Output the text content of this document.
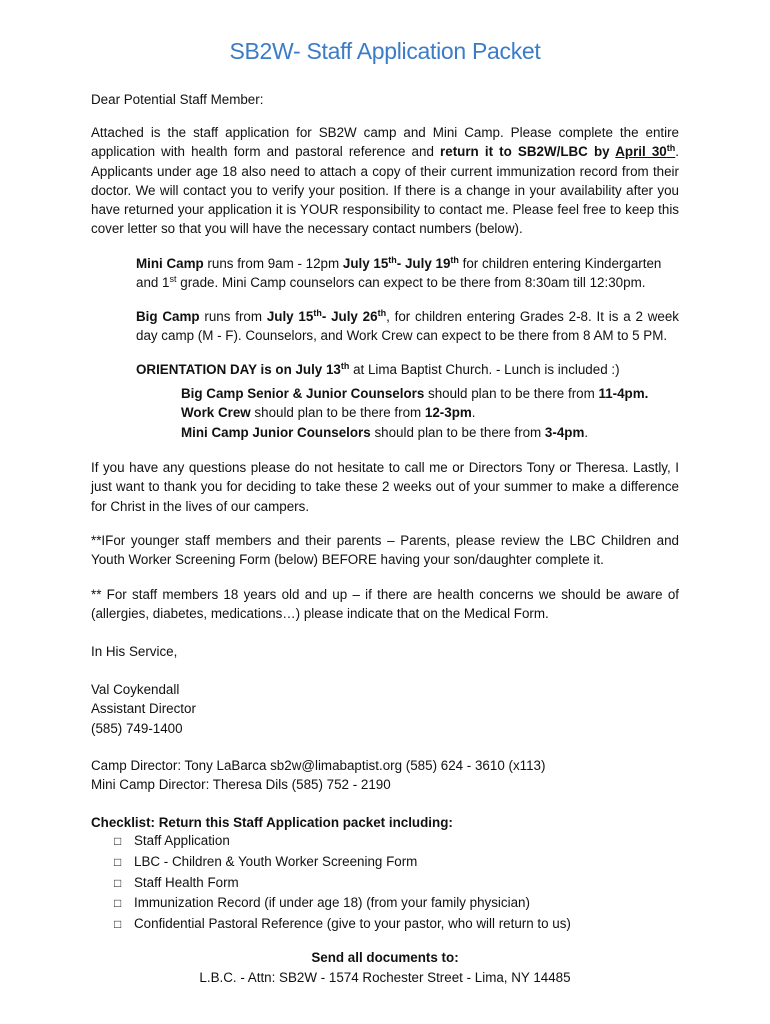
SB2W- Staff Application Packet

Dear Potential Staff Member:

Attached is the staff application for SB2W camp and Mini Camp. Please complete the entire application with health form and pastoral reference and return it to SB2W/LBC by April 30th. Applicants under age 18 also need to attach a copy of their current immunization record from their doctor. We will contact you to verify your position. If there is a change in your availability after you have returned your application it is YOUR responsibility to contact me. Please feel free to keep this cover letter so that you will have the necessary contact numbers (below).

Mini Camp runs from 9am - 12pm July 15th- July 19th for children entering Kindergarten and 1st grade. Mini Camp counselors can expect to be there from 8:30am till 12:30pm.

Big Camp runs from July 15th- July 26th, for children entering Grades 2-8. It is a 2 week day camp (M - F). Counselors, and Work Crew can expect to be there from 8 AM to 5 PM.

ORIENTATION DAY is on July 13th at Lima Baptist Church. - Lunch is included :)

Big Camp Senior & Junior Counselors should plan to be there from 11-4pm.

Work Crew should plan to be there from 12-3pm.

Mini Camp Junior Counselors should plan to be there from 3-4pm.

If you have any questions please do not hesitate to call me or Directors Tony or Theresa. Lastly, I just want to thank you for deciding to take these 2 weeks out of your summer to make a difference for Christ in the lives of our campers.

**IFor younger staff members and their parents – Parents, please review the LBC Children and Youth Worker Screening Form (below) BEFORE having your son/daughter complete it.

** For staff members 18 years old and up – if there are health concerns we should be aware of (allergies, diabetes, medications…) please indicate that on the Medical Form.

In His Service,

Val Coykendall

Assistant Director

(585) 749-1400

Camp Director: Tony LaBarca sb2w@limabaptist.org (585) 624 - 3610 (x113)

Mini Camp Director: Theresa Dils (585) 752 - 2190

Checklist: Return this Staff Application packet including:

□ Staff Application
□ LBC - Children & Youth Worker Screening Form
□ Staff Health Form
□ Immunization Record (if under age 18) (from your family physician)
□ Confidential Pastoral Reference (give to your pastor, who will return to us)
Send all documents to:
L.B.C. - Attn: SB2W - 1574 Rochester Street - Lima, NY 14485
